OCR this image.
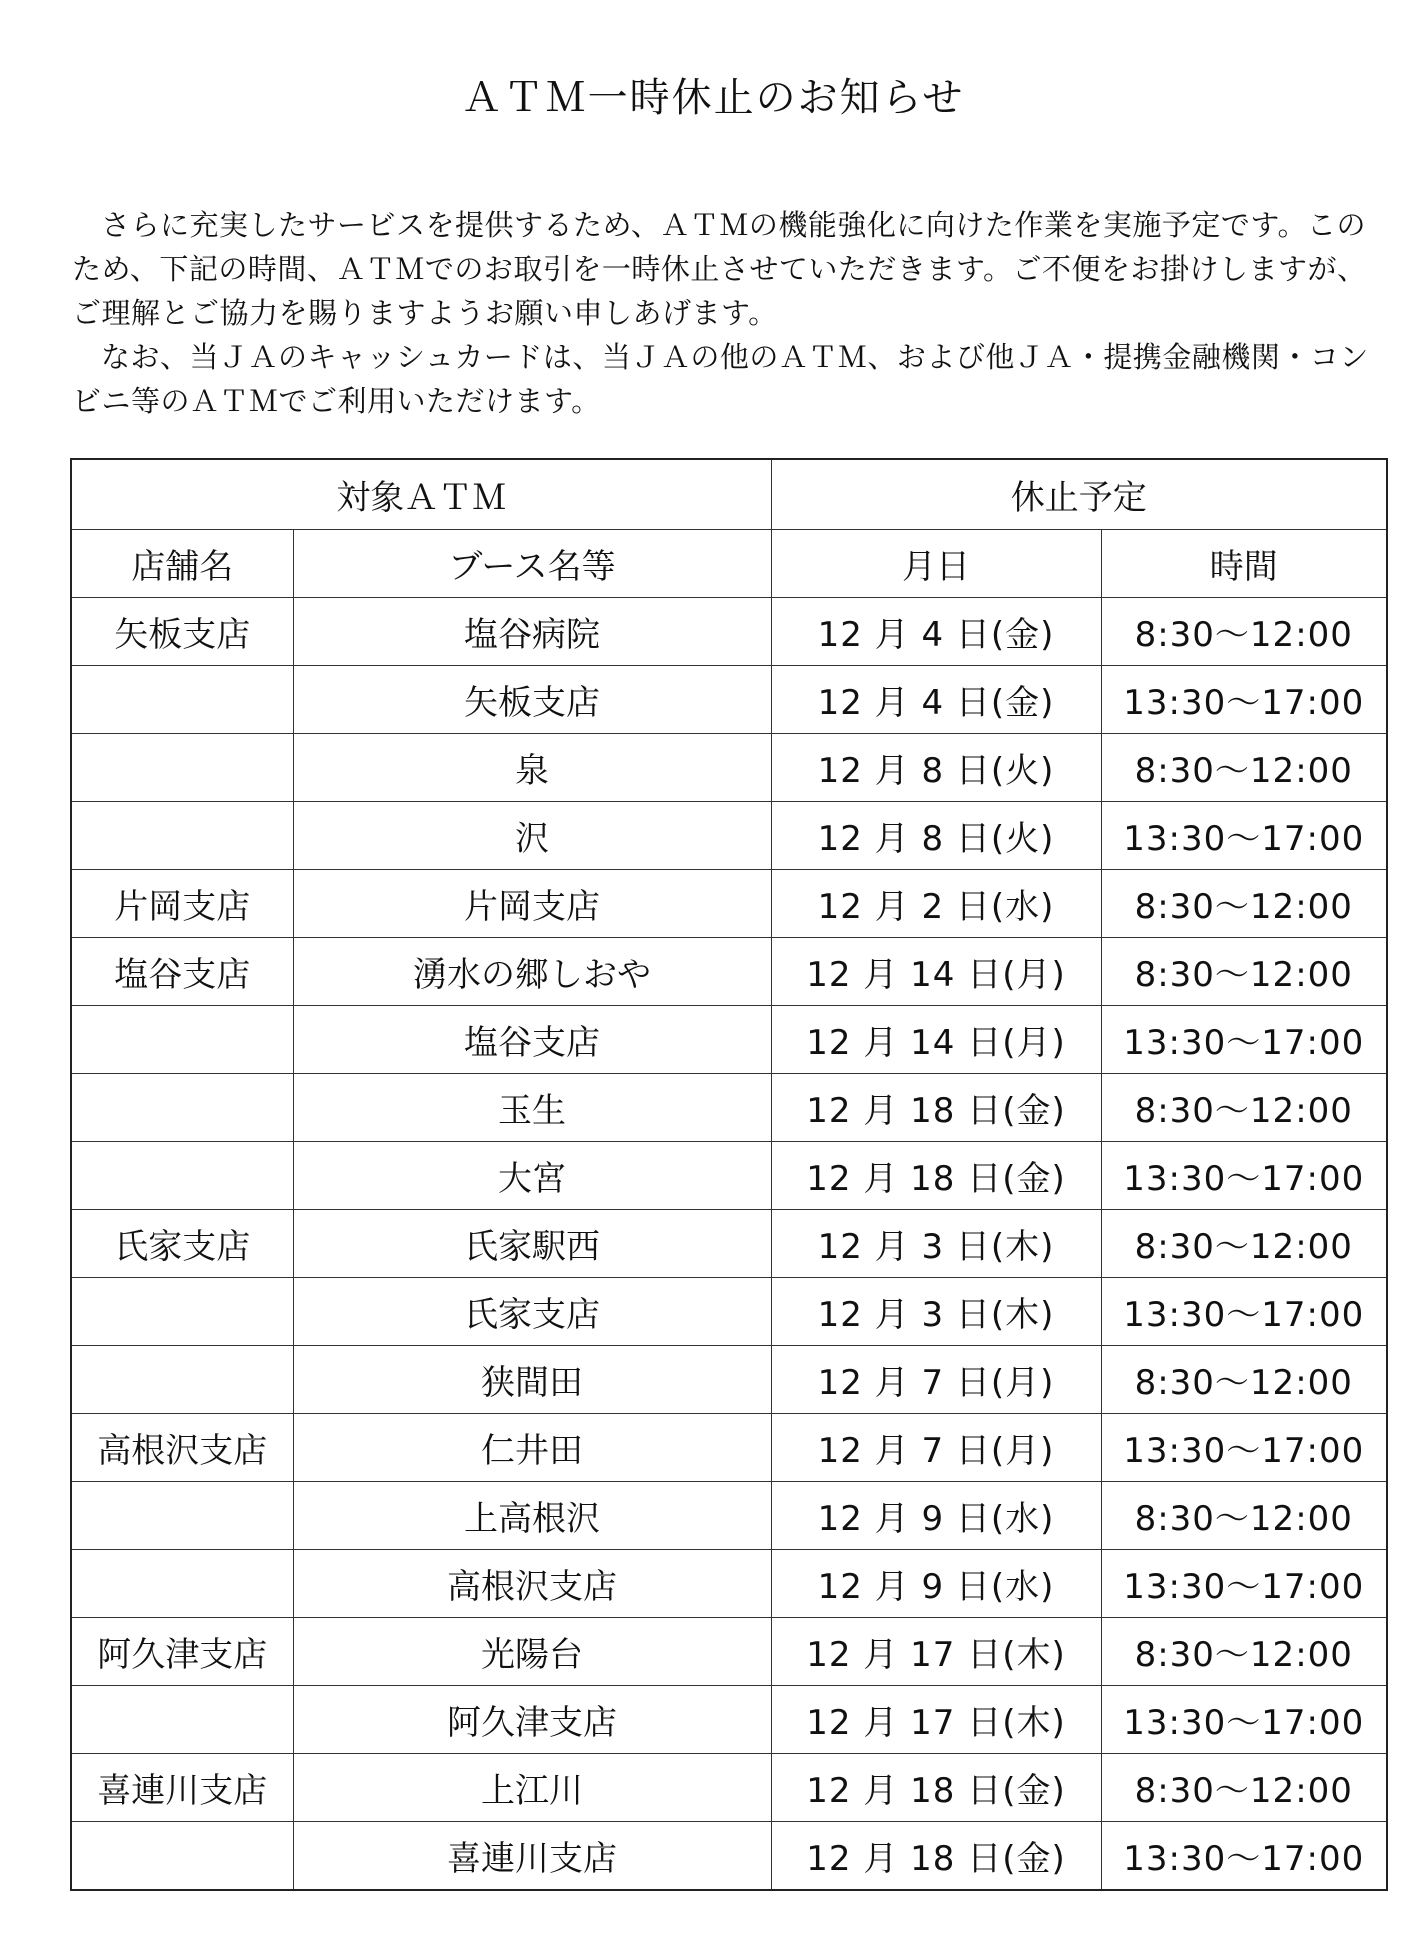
ＡＴＭ一時休止のお知らせ

さらに充実したサービスを提供するため、ＡＴＭの機能強化に向けた作業を実施予定です。このため、下記の時間、ＡＴＭでのお取引を一時休止させていただきます。ご不便をお掛けしますが、ご理解とご協力を賜りますようお願い申しあげます。

なお、当ＪＡのキャッシュカードは、当ＪＡの他のＡＴＭ、および他ＪＡ・提携金融機関・コンビニ等のＡＴＭでご利用いただけます。

対象ＡＴＭ		休止予定	
店舗名	ブース名等	月日	時間
矢板支店	塩谷病院	12 月 4 日(金)	8:30～12:00
	矢板支店	12 月 4 日(金)	13:30～17:00
	泉	12 月 8 日(火)	8:30～12:00
	沢	12 月 8 日(火)	13:30～17:00
片岡支店	片岡支店	12 月 2 日(水)	8:30～12:00
塩谷支店	湧水の郷しおや	12 月 14 日(月)	8:30～12:00
	塩谷支店	12 月 14 日(月)	13:30～17:00
	玉生	12 月 18 日(金)	8:30～12:00
	大宮	12 月 18 日(金)	13:30～17:00
氏家支店	氏家駅西	12 月 3 日(木)	8:30～12:00
	氏家支店	12 月 3 日(木)	13:30～17:00
	狭間田	12 月 7 日(月)	8:30～12:00
高根沢支店	仁井田	12 月 7 日(月)	13:30～17:00
	上高根沢	12 月 9 日(水)	8:30～12:00
	高根沢支店	12 月 9 日(水)	13:30～17:00
阿久津支店	光陽台	12 月 17 日(木)	8:30～12:00
	阿久津支店	12 月 17 日(木)	13:30～17:00
喜連川支店	上江川	12 月 18 日(金)	8:30～12:00
	喜連川支店	12 月 18 日(金)	13:30～17:00
